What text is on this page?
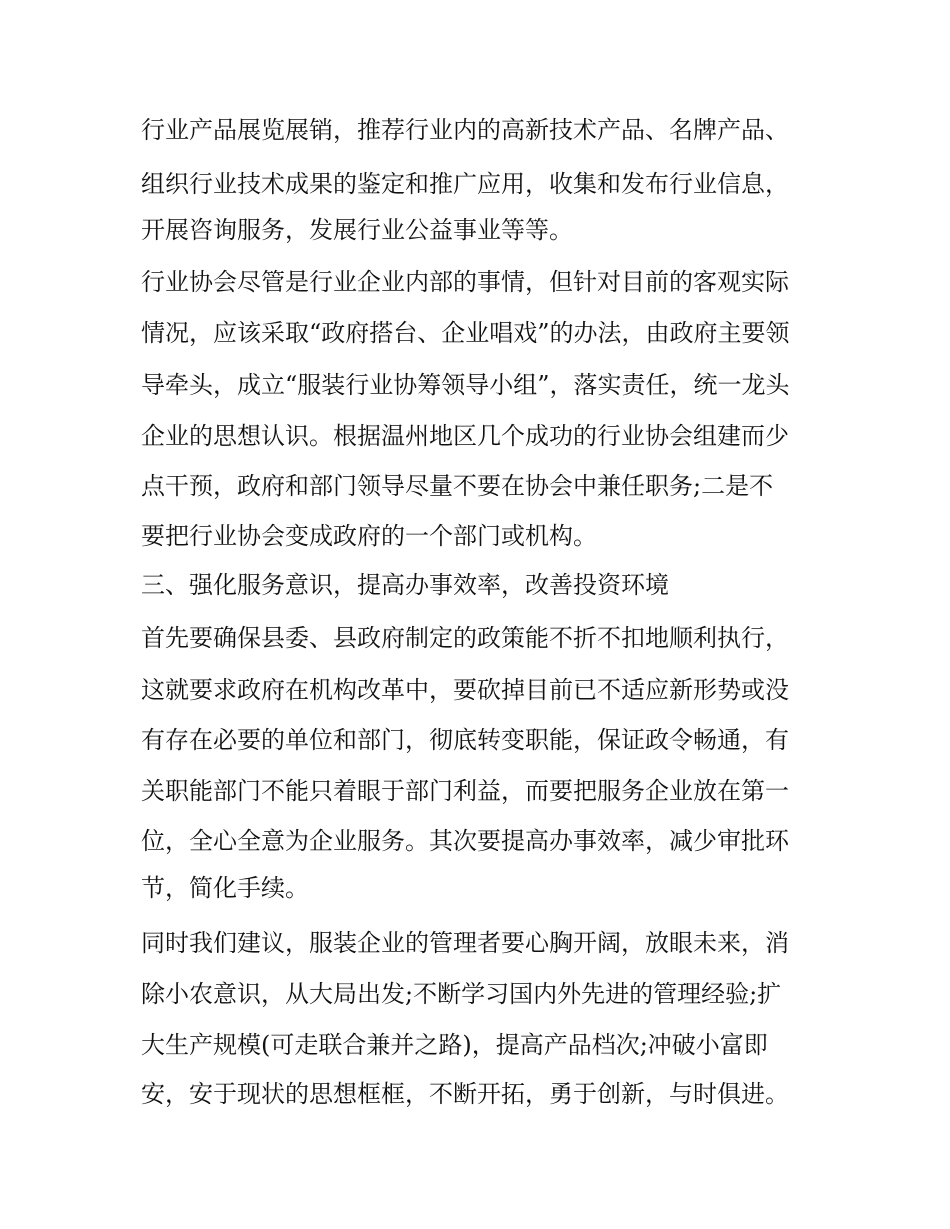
行业产品展览展销，推荐行业内的高新技术产品、名牌产品、
组织行业技术成果的鉴定和推广应用，收集和发布行业信息，
开展咨询服务，发展行业公益事业等等。
行业协会尽管是行业企业内部的事情，但针对目前的客观实际
情况，应该采取“政府搭台、企业唱戏”的办法，由政府主要领
导牵头，成立“服装行业协筹领导小组”，落实责任，统一龙头
企业的思想认识。根据温州地区几个成功的行业协会组建而少
点干预，政府和部门领导尽量不要在协会中兼任职务;二是不
要把行业协会变成政府的一个部门或机构。
三、强化服务意识，提高办事效率，改善投资环境
首先要确保县委、县政府制定的政策能不折不扣地顺利执行，
这就要求政府在机构改革中，要砍掉目前已不适应新形势或没
有存在必要的单位和部门，彻底转变职能，保证政令畅通，有
关职能部门不能只着眼于部门利益，而要把服务企业放在第一
位，全心全意为企业服务。其次要提高办事效率，减少审批环
节，简化手续。
同时我们建议，服装企业的管理者要心胸开阔，放眼未来，消
除小农意识，从大局出发;不断学习国内外先进的管理经验;扩
大生产规模(可走联合兼并之路)，提高产品档次;冲破小富即
安，安于现状的思想框框，不断开拓，勇于创新，与时俱进。
